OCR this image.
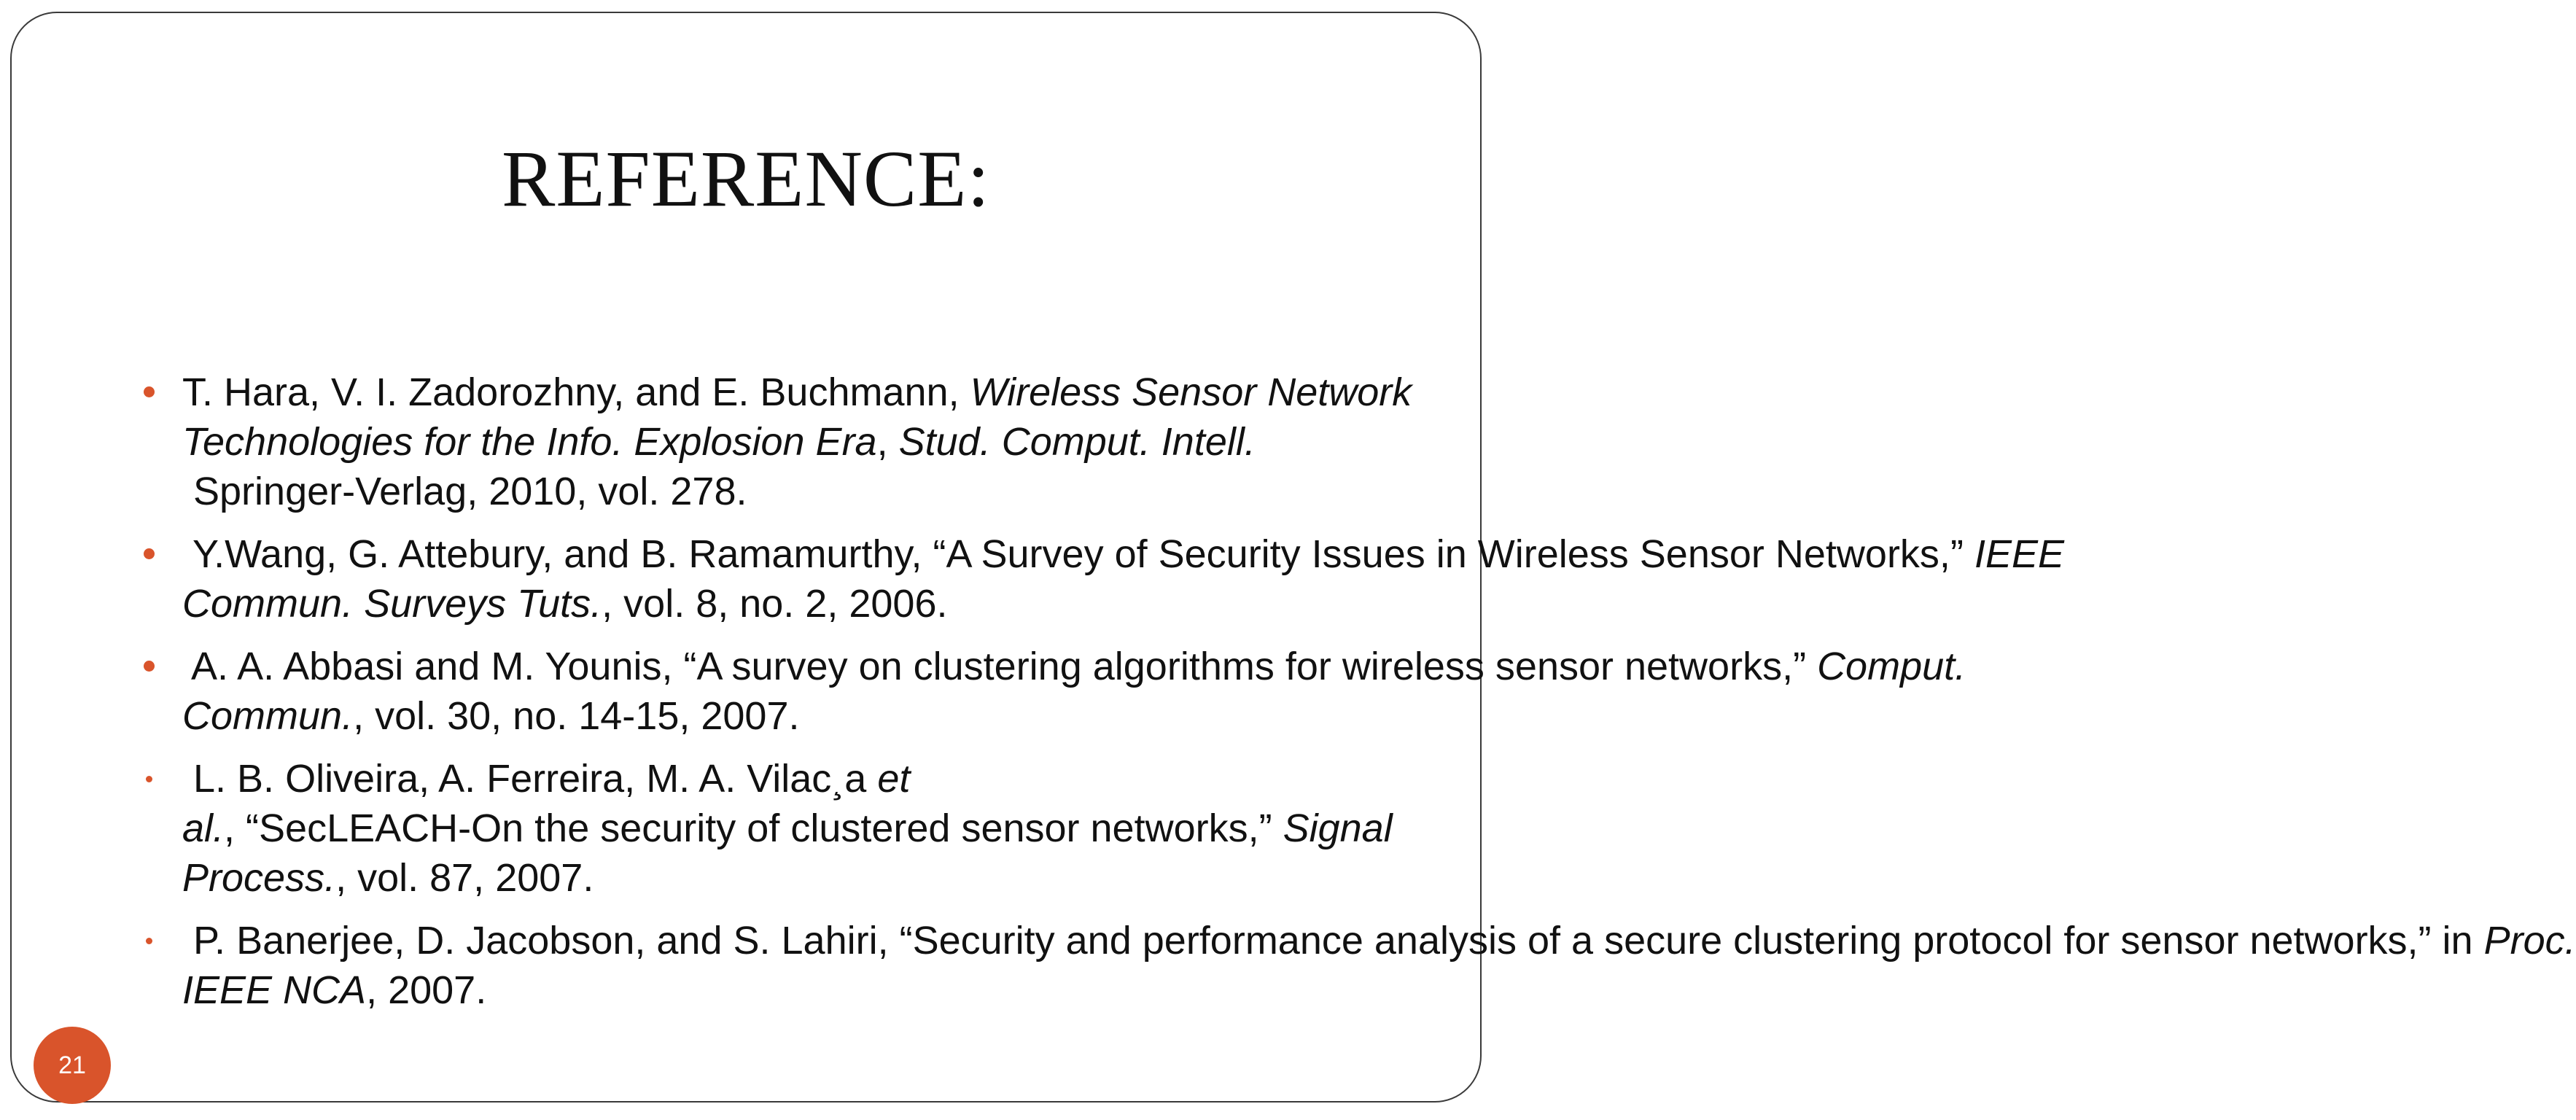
REFERENCE:
T. Hara, V. I. Zadorozhny, and E. Buchmann, Wireless Sensor Network Technologies for the Info. Explosion Era, Stud. Comput. Intell. Springer-Verlag, 2010, vol. 278.
Y.Wang, G. Attebury, and B. Ramamurthy, “A Survey of Security Issues in Wireless Sensor Networks,” IEEE Commun. Surveys Tuts., vol. 8, no. 2, 2006.
A. A. Abbasi and M. Younis, “A survey on clustering algorithms for wireless sensor networks,” Comput. Commun., vol. 30, no. 14-15, 2007.
L. B. Oliveira, A. Ferreira, M. A. Vilac¸a et al., “SecLEACH-On the security of clustered sensor networks,” Signal Process., vol. 87, 2007.
P. Banerjee, D. Jacobson, and S. Lahiri, “Security and performance analysis of a secure clustering protocol for sensor networks,” in Proc. IEEE NCA, 2007.
21
